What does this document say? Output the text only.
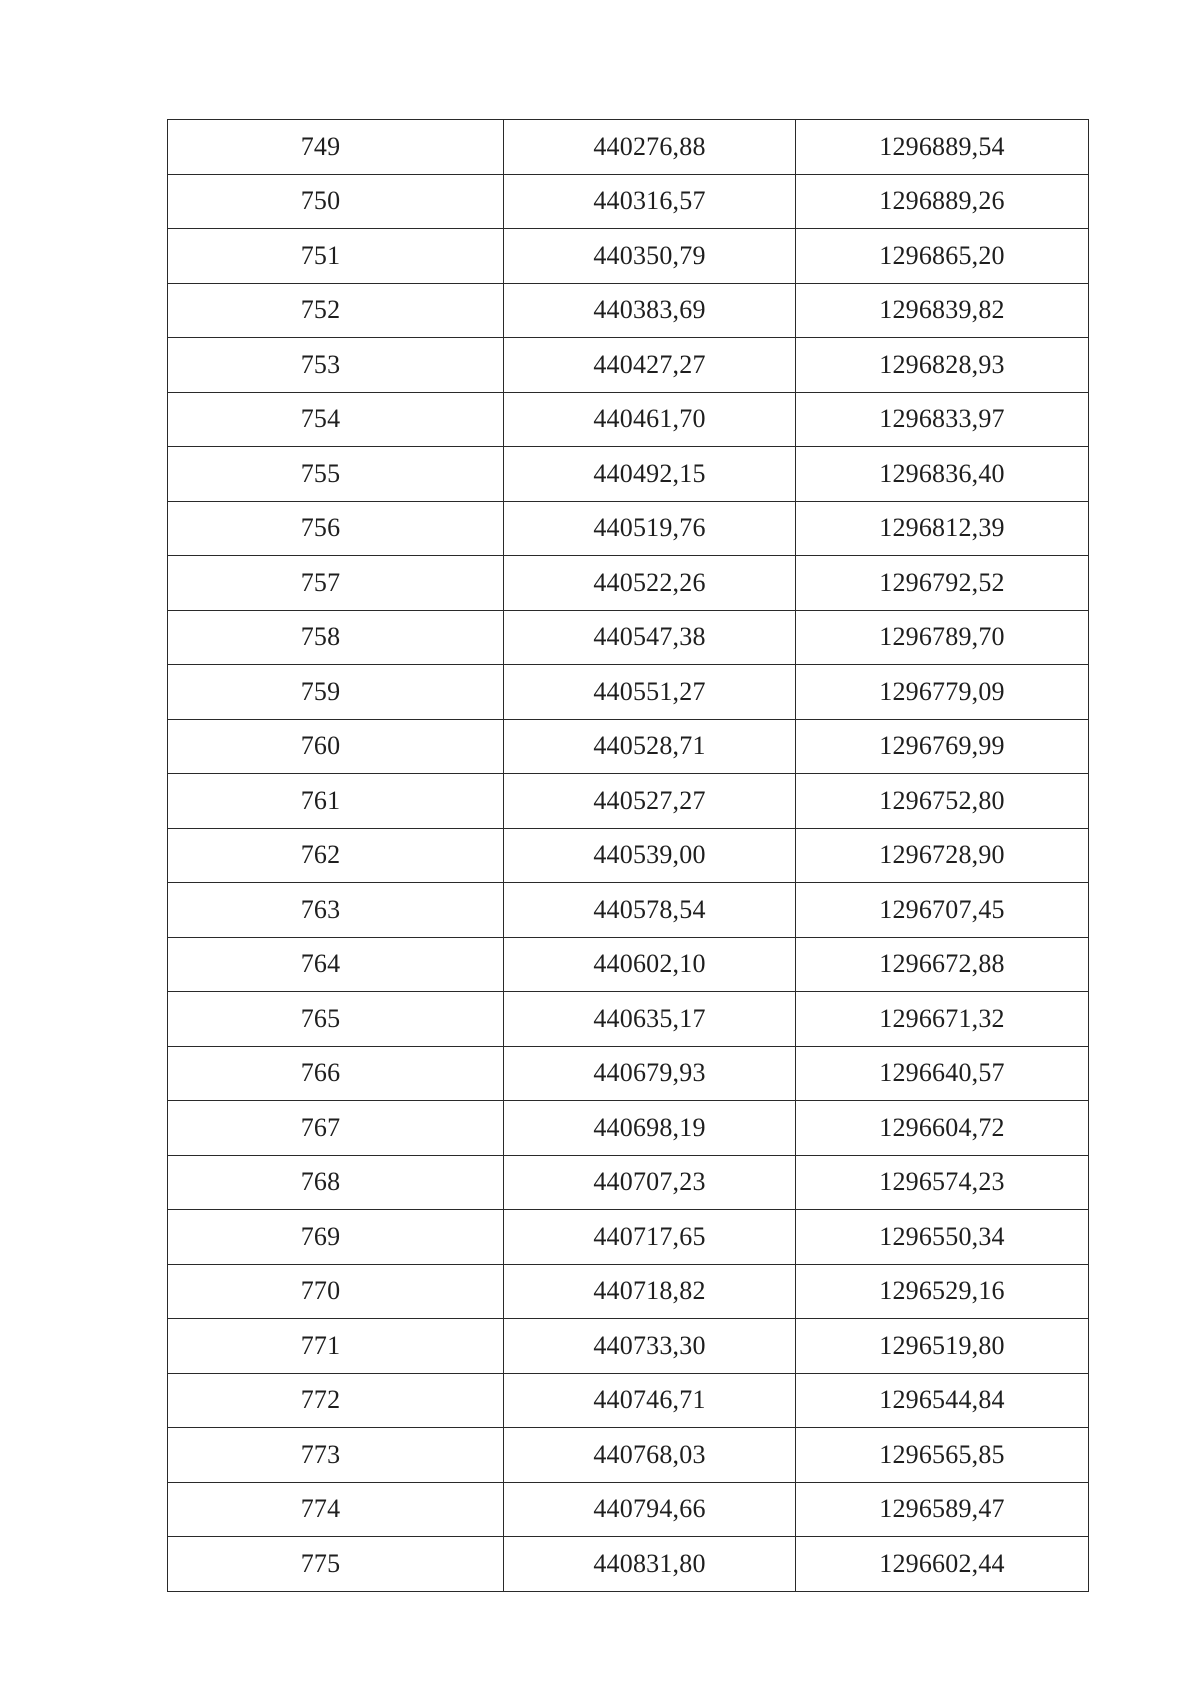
749	440276,88	1296889,54
750	440316,57	1296889,26
751	440350,79	1296865,20
752	440383,69	1296839,82
753	440427,27	1296828,93
754	440461,70	1296833,97
755	440492,15	1296836,40
756	440519,76	1296812,39
757	440522,26	1296792,52
758	440547,38	1296789,70
759	440551,27	1296779,09
760	440528,71	1296769,99
761	440527,27	1296752,80
762	440539,00	1296728,90
763	440578,54	1296707,45
764	440602,10	1296672,88
765	440635,17	1296671,32
766	440679,93	1296640,57
767	440698,19	1296604,72
768	440707,23	1296574,23
769	440717,65	1296550,34
770	440718,82	1296529,16
771	440733,30	1296519,80
772	440746,71	1296544,84
773	440768,03	1296565,85
774	440794,66	1296589,47
775	440831,80	1296602,44
